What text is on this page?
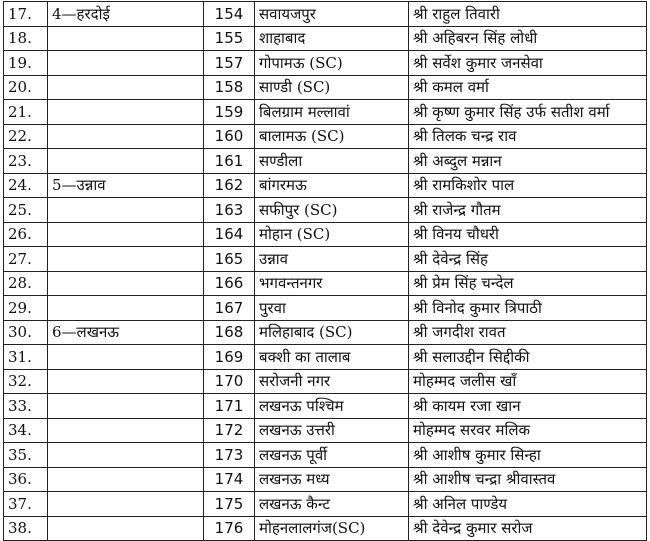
17.	4—हरदोई	154	सवायजपुर	श्री राहुल तिवारी
18.		155	शाहाबाद	श्री अहिबरन सिंह लोधी
19.		157	गोपामऊ (SC)	श्री सर्वेश कुमार जनसेवा
20.		158	साण्डी (SC)	श्री कमल वर्मा
21.		159	बिलग्राम मल्लावां	श्री कृष्ण कुमार सिंह उर्फ सतीश वर्मा
22.		160	बालामऊ (SC)	श्री तिलक चन्द्र राव
23.		161	सण्डीला	श्री अब्दुल मन्नान
24.	5—उन्नाव	162	बांगरमऊ	श्री रामकिशोर पाल
25.		163	सफीपुर (SC)	श्री राजेन्द्र गौतम
26.		164	मोहान (SC)	श्री विनय चौधरी
27.		165	उन्नाव	श्री देवेन्द्र सिंह
28.		166	भगवन्तनगर	श्री प्रेम सिंह चन्देल
29.		167	पुरवा	श्री विनोद कुमार त्रिपाठी
30.	6—लखनऊ	168	मलिहाबाद (SC)	श्री जगदीश रावत
31.		169	बक्शी का तालाब	श्री सलाउद्दीन सिद्दीकी
32.		170	सरोजनी नगर	मोहम्मद जलीस खाँ
33.		171	लखनऊ पश्चिम	श्री कायम रजा खान
34.		172	लखनऊ उत्तरी	मोहम्मद सरवर मलिक
35.		173	लखनऊ पूर्वी	श्री आशीष कुमार सिन्हा
36.		174	लखनऊ मध्य	श्री आशीष चन्द्रा श्रीवास्तव
37.		175	लखनऊ कैन्ट	श्री अनिल पाण्डेय
38.		176	मोहनलालगंज(SC)	श्री देवेन्द्र कुमार सरोज
